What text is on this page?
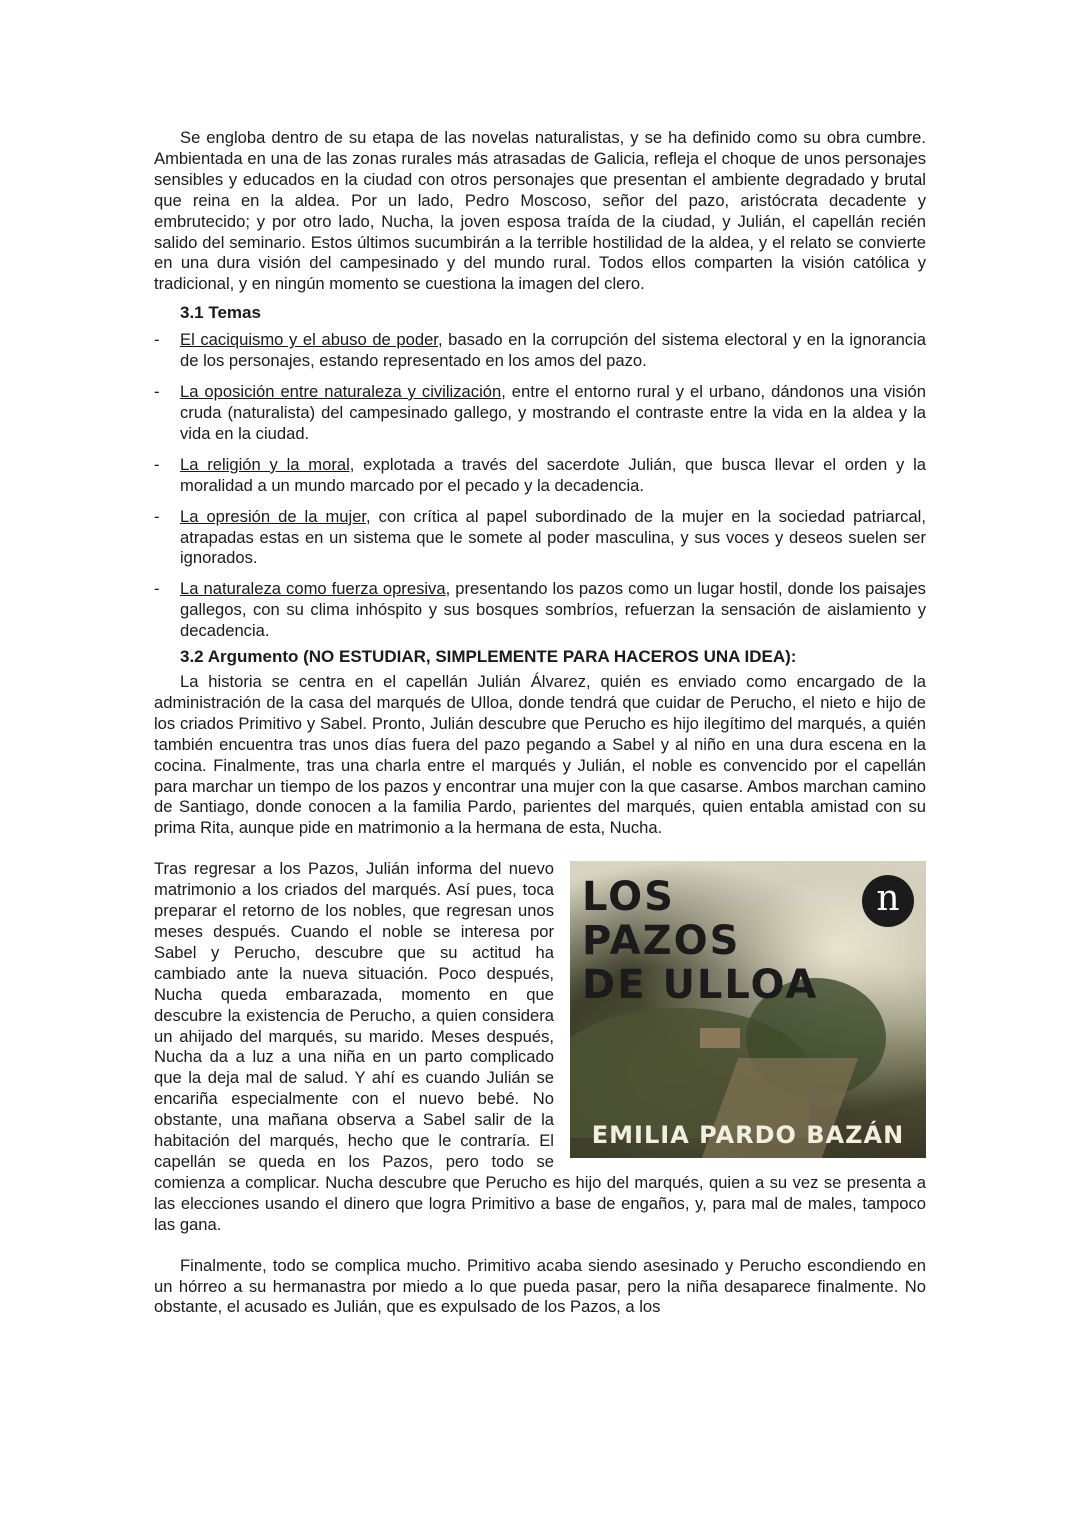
Se engloba dentro de su etapa de las novelas naturalistas, y se ha definido como su obra cumbre. Ambientada en una de las zonas rurales más atrasadas de Galicia, refleja el choque de unos personajes sensibles y educados en la ciudad con otros personajes que presentan el ambiente degradado y brutal que reina en la aldea. Por un lado, Pedro Moscoso, señor del pazo, aristócrata decadente y embrutecido; y por otro lado, Nucha, la joven esposa traída de la ciudad, y Julián, el capellán recién salido del seminario. Estos últimos sucumbirán a la terrible hostilidad de la aldea, y el relato se convierte en una dura visión del campesinado y del mundo rural. Todos ellos comparten la visión católica y tradicional, y en ningún momento se cuestiona la imagen del clero.

3.1 Temas
- El caciquismo y el abuso de poder, basado en la corrupción del sistema electoral y en la ignorancia de los personajes, estando representado en los amos del pazo.
- La oposición entre naturaleza y civilización, entre el entorno rural y el urbano, dándonos una visión cruda (naturalista) del campesinado gallego, y mostrando el contraste entre la vida en la aldea y la vida en la ciudad.
- La religión y la moral, explotada a través del sacerdote Julián, que busca llevar el orden y la moralidad a un mundo marcado por el pecado y la decadencia.
- La opresión de la mujer, con crítica al papel subordinado de la mujer en la sociedad patriarcal, atrapadas estas en un sistema que le somete al poder masculina, y sus voces y deseos suelen ser ignorados.
- La naturaleza como fuerza opresiva, presentando los pazos como un lugar hostil, donde los paisajes gallegos, con su clima inhóspito y sus bosques sombríos, refuerzan la sensación de aislamiento y decadencia.
3.2 Argumento (NO ESTUDIAR, SIMPLEMENTE PARA HACEROS UNA IDEA):

La historia se centra en el capellán Julián Álvarez, quién es enviado como encargado de la administración de la casa del marqués de Ulloa, donde tendrá que cuidar de Perucho, el nieto e hijo de los criados Primitivo y Sabel. Pronto, Julián descubre que Perucho es hijo ilegítimo del marqués, a quién también encuentra tras unos días fuera del pazo pegando a Sabel y al niño en una dura escena en la cocina. Finalmente, tras una charla entre el marqués y Julián, el noble es convencido por el capellán para marchar un tiempo de los pazos y encontrar una mujer con la que casarse. Ambos marchan camino de Santiago, donde conocen a la familia Pardo, parientes del marqués, quien entabla amistad con su prima Rita, aunque pide en matrimonio a la hermana de esta, Nucha.

LOS PAZOS
DE ULLOA
n
EMILIA PARDO BAZÁN

Tras regresar a los Pazos, Julián informa del nuevo matrimonio a los criados del marqués. Así pues, toca preparar el retorno de los nobles, que regresan unos meses después. Cuando el noble se interesa por Sabel y Perucho, descubre que su actitud ha cambiado ante la nueva situación. Poco después, Nucha queda embarazada, momento en que descubre la existencia de Perucho, a quien considera un ahijado del marqués, su marido. Meses después, Nucha da a luz a una niña en un parto complicado que la deja mal de salud. Y ahí es cuando Julián se encariña especialmente con el nuevo bebé. No obstante, una mañana observa a Sabel salir de la habitación del marqués, hecho que le contraría. El capellán se queda en los Pazos, pero todo se comienza a complicar. Nucha descubre que Perucho es hijo del marqués, quien a su vez se presenta a las elecciones usando el dinero que logra Primitivo a base de engaños, y, para mal de males, tampoco las gana.

Finalmente, todo se complica mucho. Primitivo acaba siendo asesinado y Perucho escondiendo en un hórreo a su hermanastra por miedo a lo que pueda pasar, pero la niña desaparece finalmente. No obstante, el acusado es Julián, que es expulsado de los Pazos, a los
